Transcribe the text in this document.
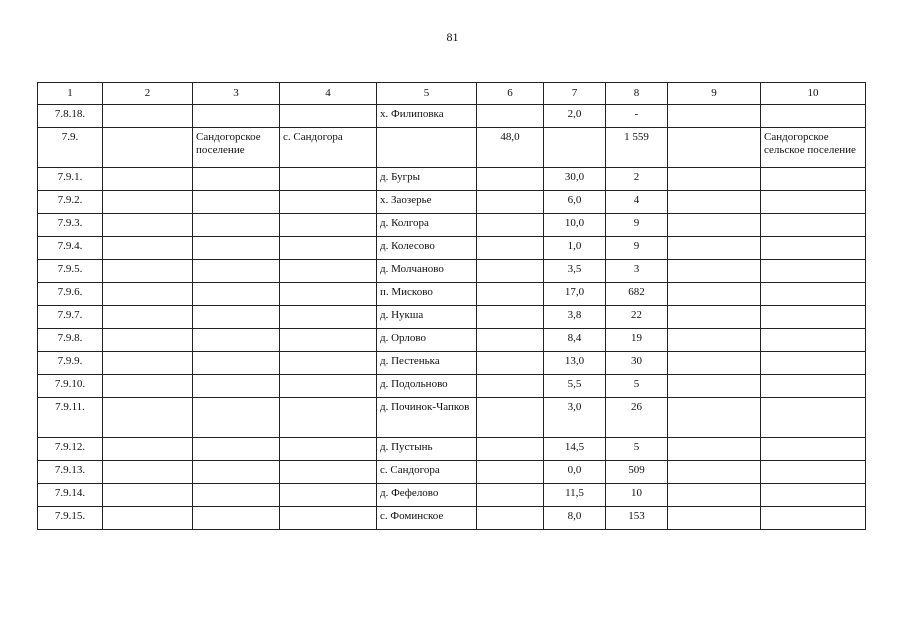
81
1	2	3	4	5	6	7	8	9	10
7.8.18.				х. Филиповка		2,0	-		
7.9.		Сандогорское поселение	с. Сандогора		48,0		1 559		Сандогорское сельское поселение
7.9.1.				д. Бугры		30,0	2		
7.9.2.				х. Заозерье		6,0	4		
7.9.3.				д. Колгора		10,0	9		
7.9.4.				д. Колесово		1,0	9		
7.9.5.				д. Молчаново		3,5	3		
7.9.6.				п. Мисково		17,0	682		
7.9.7.				д. Нукша		3,8	22		
7.9.8.				д. Орлово		8,4	19		
7.9.9.				д. Пестенька		13,0	30		
7.9.10.				д. Подольново		5,5	5		
7.9.11.				д. Починок-Чапков		3,0	26		
7.9.12.				д. Пустынь		14,5	5		
7.9.13.				с. Сандогора		0,0	509		
7.9.14.				д. Фефелово		11,5	10		
7.9.15.				с. Фоминское		8,0	153		
